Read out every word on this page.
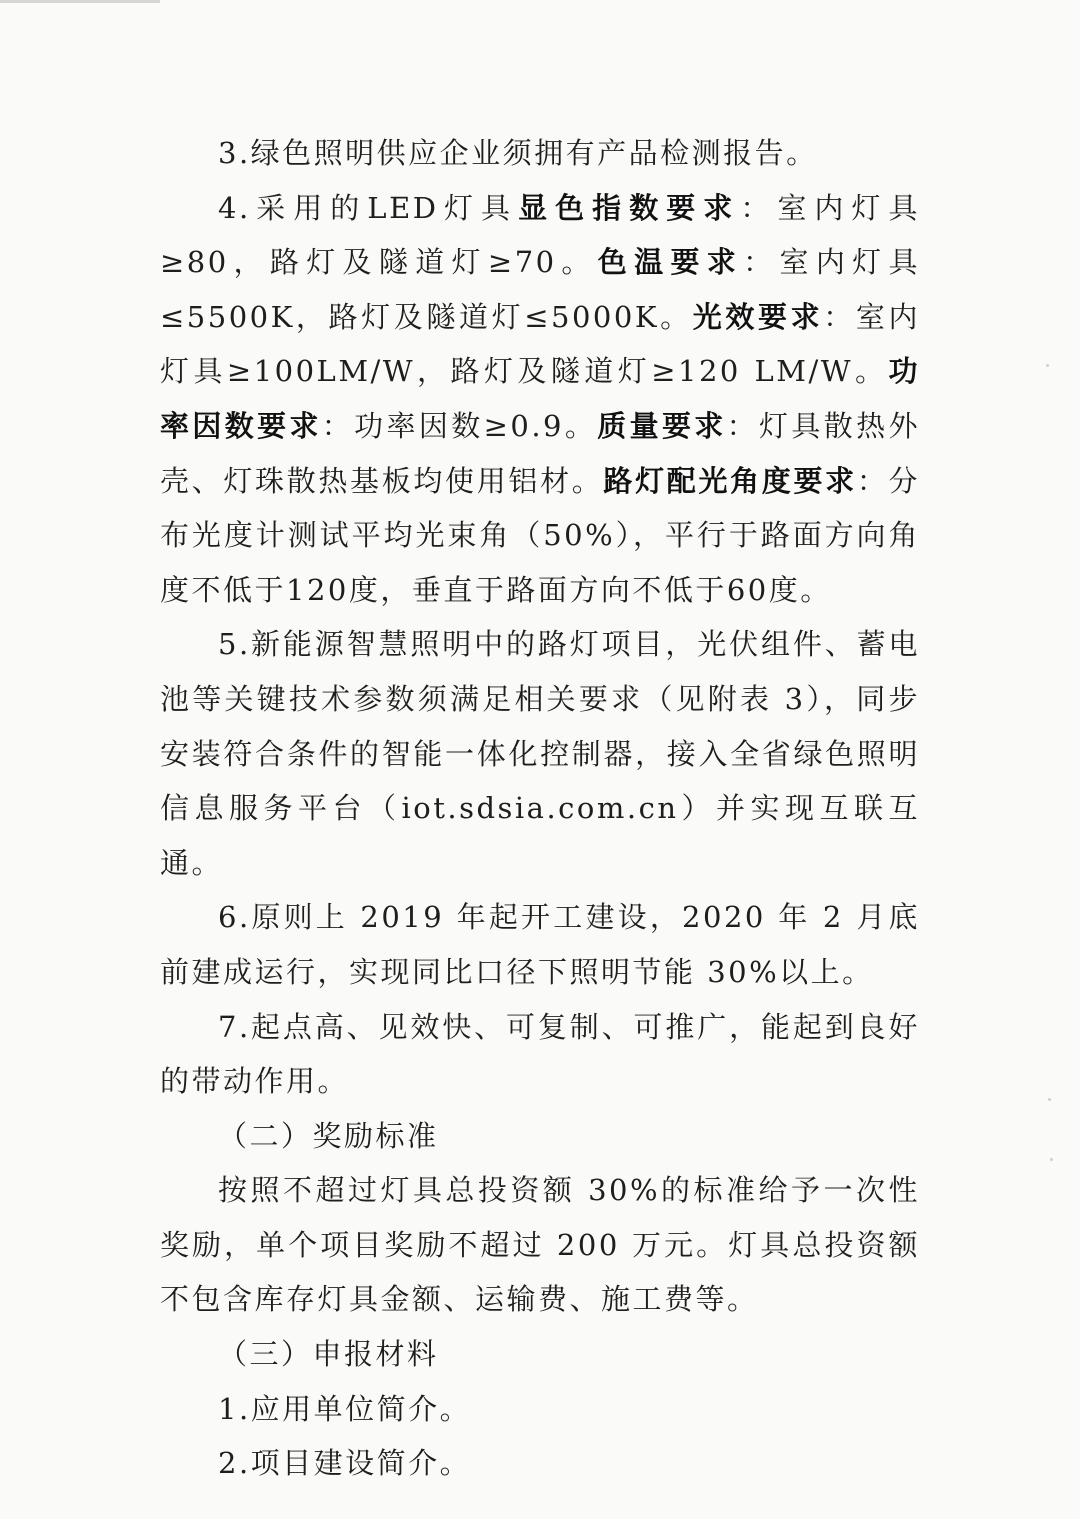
3.绿色照明供应企业须拥有产品检测报告。

4.采用的LED灯具显色指数要求：室内灯具≥80，路灯及隧道灯≥70。色温要求：室内灯具≤5500K，路灯及隧道灯≤5000K。光效要求：室内灯具≥100LM/W，路灯及隧道灯≥120 LM/W。功率因数要求：功率因数≥0.9。质量要求：灯具散热外壳、灯珠散热基板均使用铝材。路灯配光角度要求：分布光度计测试平均光束角（50%），平行于路面方向角度不低于120度，垂直于路面方向不低于60度。

5.新能源智慧照明中的路灯项目，光伏组件、蓄电池等关键技术参数须满足相关要求（见附表 3），同步安装符合条件的智能一体化控制器，接入全省绿色照明信息服务平台（iot.sdsia.com.cn）并实现互联互通。

6.原则上 2019 年起开工建设，2020 年 2 月底前建成运行，实现同比口径下照明节能 30%以上。

7.起点高、见效快、可复制、可推广，能起到良好的带动作用。

（二）奖励标准

按照不超过灯具总投资额 30%的标准给予一次性奖励，单个项目奖励不超过 200 万元。灯具总投资额不包含库存灯具金额、运输费、施工费等。

（三）申报材料

1.应用单位简介。

2.项目建设简介。
